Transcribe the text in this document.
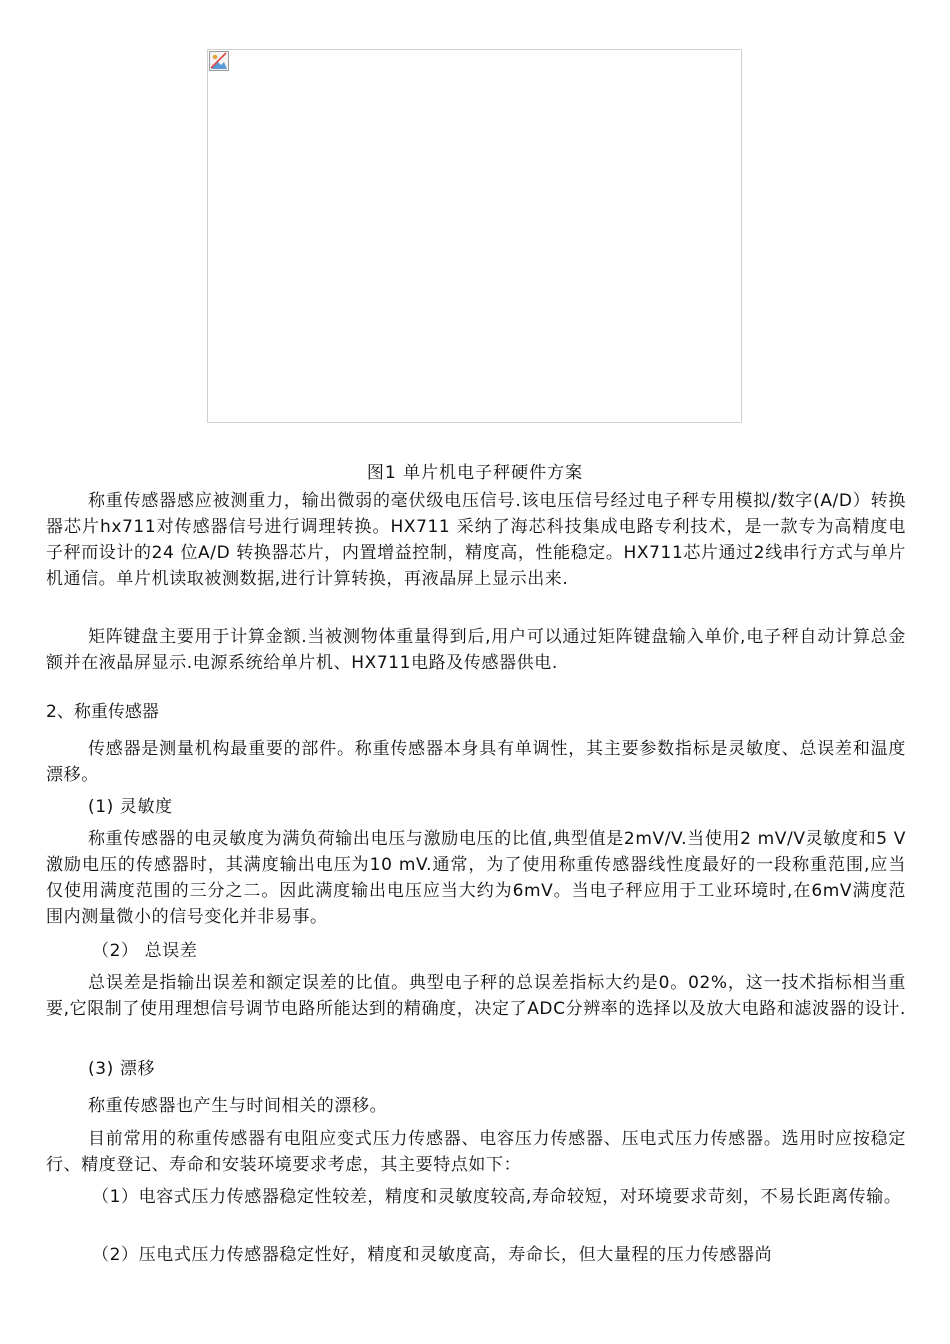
图1 单片机电子秤硬件方案

称重传感器感应被测重力，输出微弱的毫伏级电压信号.该电压信号经过电子秤专用模拟/数字(A/D）转换器芯片hx711对传感器信号进行调理转换。HX711 采纳了海芯科技集成电路专利技术，是一款专为高精度电子秤而设计的24 位A/D 转换器芯片，内置增益控制，精度高，性能稳定。HX711芯片通过2线串行方式与单片机通信。单片机读取被测数据,进行计算转换，再液晶屏上显示出来.

矩阵键盘主要用于计算金额.当被测物体重量得到后,用户可以通过矩阵键盘输入单价,电子秤自动计算总金额并在液晶屏显示.电源系统给单片机、HX711电路及传感器供电.

2、称重传感器

传感器是测量机构最重要的部件。称重传感器本身具有单调性，其主要参数指标是灵敏度、总误差和温度漂移。

(1) 灵敏度

称重传感器的电灵敏度为满负荷输出电压与激励电压的比值,典型值是2mV/V.当使用2 mV/V灵敏度和5 V激励电压的传感器时，其满度输出电压为10 mV.通常，为了使用称重传感器线性度最好的一段称重范围,应当仅使用满度范围的三分之二。因此满度输出电压应当大约为6mV。当电子秤应用于工业环境时,在6mV满度范围内测量微小的信号变化并非易事。

（2） 总误差

总误差是指输出误差和额定误差的比值。典型电子秤的总误差指标大约是0。02%，这一技术指标相当重要,它限制了使用理想信号调节电路所能达到的精确度，决定了ADC分辨率的选择以及放大电路和滤波器的设计.

(3) 漂移

称重传感器也产生与时间相关的漂移。

目前常用的称重传感器有电阻应变式压力传感器、电容压力传感器、压电式压力传感器。选用时应按稳定行、精度登记、寿命和安装环境要求考虑，其主要特点如下：

（1）电容式压力传感器稳定性较差，精度和灵敏度较高,寿命较短，对环境要求苛刻，不易长距离传输。

（2）压电式压力传感器稳定性好，精度和灵敏度高，寿命长，但大量程的压力传感器尚
